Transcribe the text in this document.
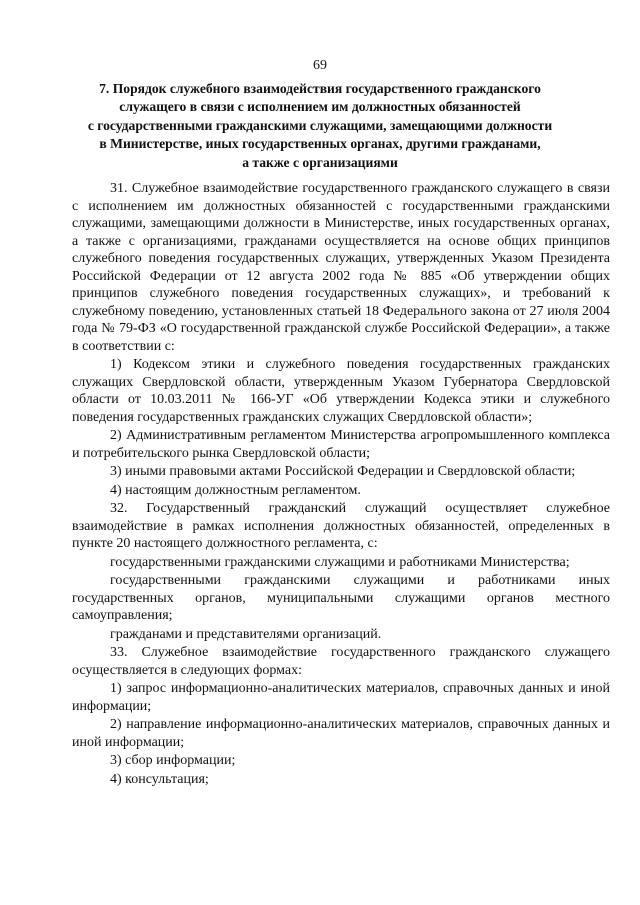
69
7. Порядок служебного взаимодействия государственного гражданского
служащего в связи с исполнением им должностных обязанностей
с государственными гражданскими служащими, замещающими должности
в Министерстве, иных государственных органах, другими гражданами,
а также с организациями

31. Служебное взаимодействие государственного гражданского служащего в связи с исполнением им должностных обязанностей с государственными гражданскими служащими, замещающими должности в Министерстве, иных государственных органах, а также с организациями, гражданами осуществляется на основе общих принципов служебного поведения государственных служащих, утвержденных Указом Президента Российской Федерации от 12 августа 2002 года № 885 «Об утверждении общих принципов служебного поведения государственных служащих», и требований к служебному поведению, установленных статьей 18 Федерального закона от 27 июля 2004 года № 79-ФЗ «О государственной гражданской службе Российской Федерации», а также в соответствии с:

1) Кодексом этики и служебного поведения государственных гражданских служащих Свердловской области, утвержденным Указом Губернатора Свердловской области от 10.03.2011 № 166-УГ «Об утверждении Кодекса этики и служебного поведения государственных гражданских служащих Свердловской области»;

2) Административным регламентом Министерства агропромышленного комплекса и потребительского рынка Свердловской области;

3) иными правовыми актами Российской Федерации и Свердловской области;

4) настоящим должностным регламентом.

32. Государственный гражданский служащий осуществляет служебное взаимодействие в рамках исполнения должностных обязанностей, определенных в пункте 20 настоящего должностного регламента, с:

государственными гражданскими служащими и работниками Министерства;

государственными гражданскими служащими и работниками иных государственных органов, муниципальными служащими органов местного самоуправления;

гражданами и представителями организаций.

33. Служебное взаимодействие государственного гражданского служащего осуществляется в следующих формах:

1) запрос информационно-аналитических материалов, справочных данных и иной информации;

2) направление информационно-аналитических материалов, справочных данных и иной информации;

3) сбор информации;

4) консультация;
